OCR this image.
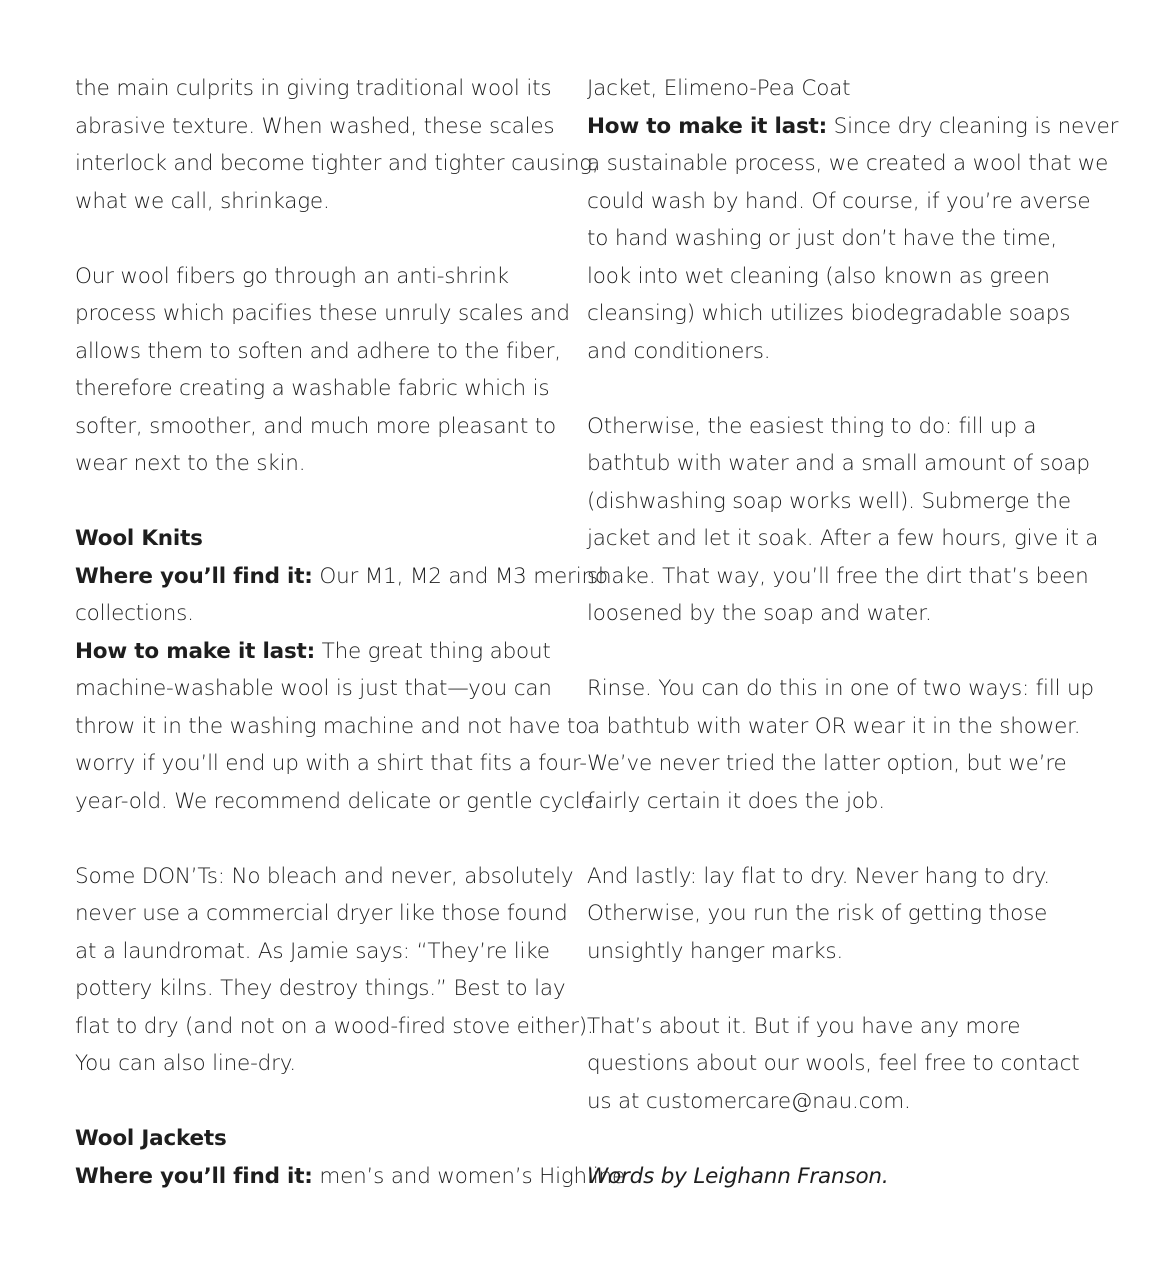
the main culprits in giving traditional wool its
abrasive texture. When washed, these scales
interlock and become tighter and tighter causing,
what we call, shrinkage.
Our wool fibers go through an anti-shrink
process which pacifies these unruly scales and
allows them to soften and adhere to the fiber,
therefore creating a washable fabric which is
softer, smoother, and much more pleasant to
wear next to the skin.
Wool Knits
Where you’ll find it: Our M1, M2 and M3 merino
collections.
How to make it last: The great thing about
machine-washable wool is just that—you can
throw it in the washing machine and not have to
worry if you’ll end up with a shirt that fits a four-
year-old. We recommend delicate or gentle cycle.
Some DON’Ts: No bleach and never, absolutely
never use a commercial dryer like those found
at a laundromat. As Jamie says: “They’re like
pottery kilns. They destroy things.” Best to lay
flat to dry (and not on a wood-fired stove either).
You can also line-dry.
Wool Jackets
Where you’ll find it: men’s and women’s Highline
Jacket, Elimeno-Pea Coat
How to make it last: Since dry cleaning is never
a sustainable process, we created a wool that we
could wash by hand. Of course, if you’re averse
to hand washing or just don’t have the time,
look into wet cleaning (also known as green
cleansing) which utilizes biodegradable soaps
and conditioners.
Otherwise, the easiest thing to do: fill up a
bathtub with water and a small amount of soap
(dishwashing soap works well). Submerge the
jacket and let it soak. After a few hours, give it a
shake. That way, you’ll free the dirt that’s been
loosened by the soap and water.
Rinse. You can do this in one of two ways: fill up
a bathtub with water OR wear it in the shower.
We’ve never tried the latter option, but we’re
fairly certain it does the job.
And lastly: lay flat to dry. Never hang to dry.
Otherwise, you run the risk of getting those
unsightly hanger marks.
That’s about it. But if you have any more
questions about our wools, feel free to contact
us at customercare@nau.com.
Words by Leighann Franson.
